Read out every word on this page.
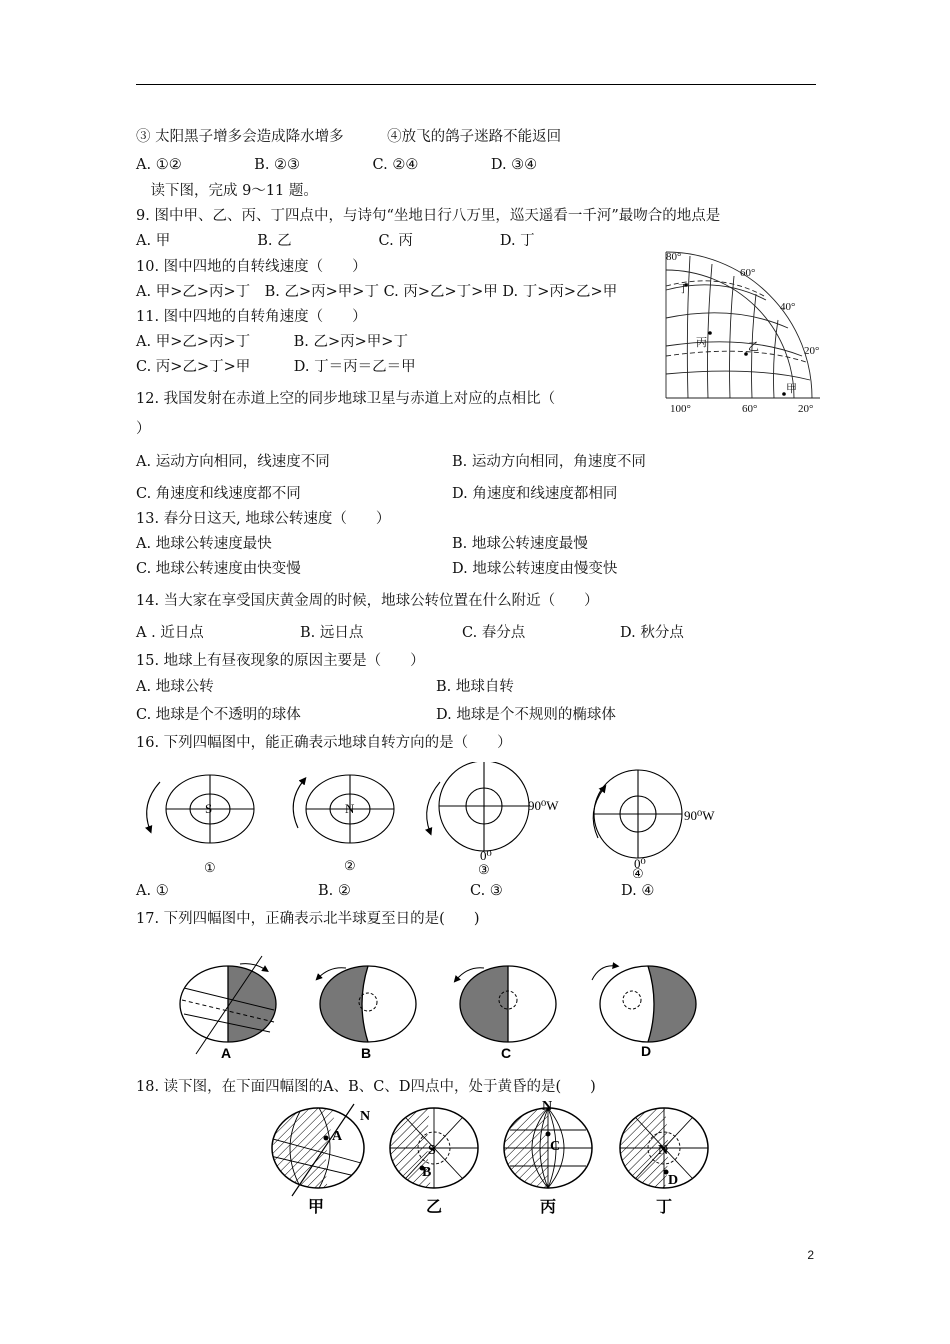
③ 太阳黑子增多会造成降水增多　　　④放飞的鸽子迷路不能返回
A. ①②　　　　　B. ②③　　　　　C. ②④　　　　　D. ③④
　读下图，完成 9～11 题。
9. 图中甲、乙、丙、丁四点中，与诗句“坐地日行八万里，巡天遥看一千河”最吻合的地点是
A. 甲　　　　　　B. 乙　　　　　　C. 丙　　　　　　D. 丁
10. 图中四地的自转线速度（　　）
A. 甲>乙>丙>丁　B. 乙>丙>甲>丁 C. 丙>乙>丁>甲 D. 丁>丙>乙>甲
11. 图中四地的自转角速度（　　）
A. 甲>乙>丙>丁　　　B. 乙>丙>甲>丁
C. 丙>乙>丁>甲　　　D. 丁＝丙＝乙＝甲
12. 我国发射在赤道上空的同步地球卫星与赤道上对应的点相比（
）
A. 运动方向相同，线速度不同	B. 运动方向相同，角速度不同
C. 角速度和线速度都不同	D. 角速度和线速度都相同
13. 春分日这天, 地球公转速度（　　）
A. 地球公转速度最快	B. 地球公转速度最慢
C. 地球公转速度由快变慢	D. 地球公转速度由慢变快
14. 当大家在享受国庆黄金周的时候，地球公转位置在什么附近（　　）
A . 近日点	B. 远日点	C. 春分点	D. 秋分点
15. 地球上有昼夜现象的原因主要是（　　）
A. 地球公转	B. 地球自转
C. 地球是个不透明的球体	D. 地球是个不规则的椭球体
16. 下列四幅图中，能正确表示地球自转方向的是（　　）
A. ①	B. ②	C. ③	D. ④
17. 下列四幅图中，正确表示北半球夏至日的是(　　)
18. 读下图，在下面四幅图的A、B、C、D四点中，处于黄昏的是(　　)
80°
60°
40°
20°
100°	60°	20°
丁
丙	乙
甲
S	N	90⁰W
0⁰
90⁰W
0⁰
①	②	③	④
A	B	C	D
N
S
N
N
A
B
C
D
甲	乙	丙	丁
2
